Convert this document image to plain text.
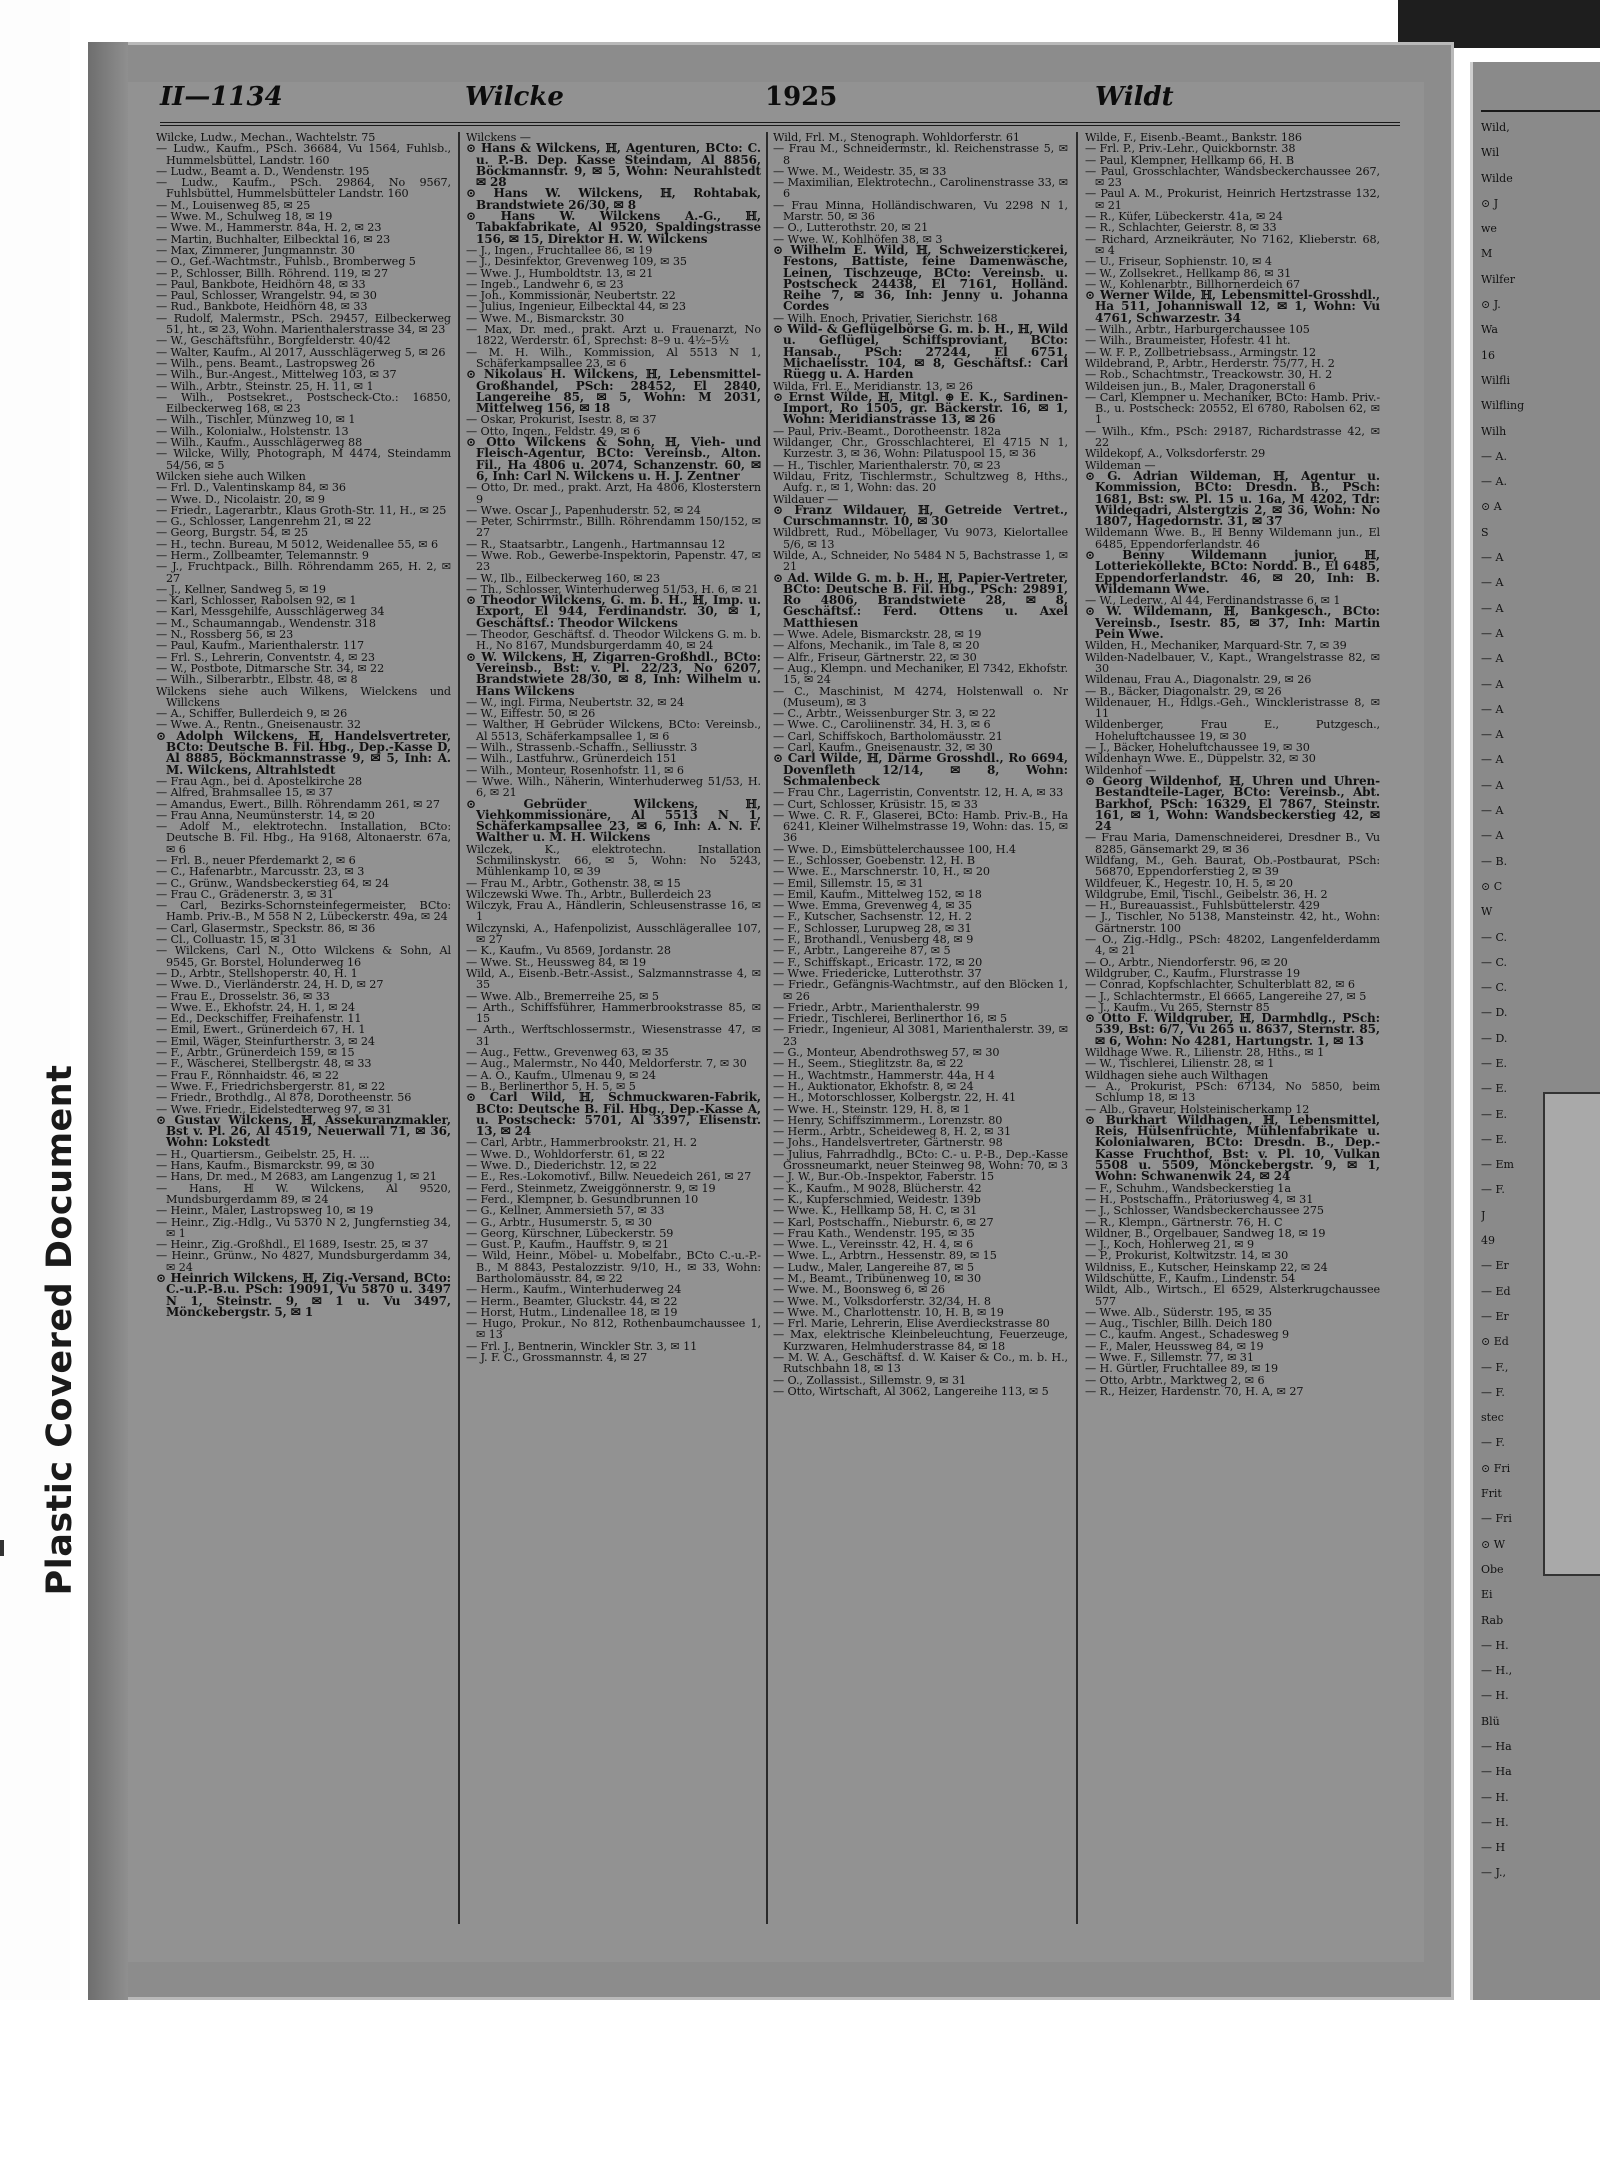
Plastic Covered Document
II—1134	Wilcke	1925	Wildt

Wilcke, Ludw., Mechan., Wachtelstr. 75

— Ludw., Kaufm., PSch. 36684, Vu 1564, Fuhlsb., Hummelsbüttel, Landstr. 160

— Ludw., Beamt a. D., Wendenstr. 195

— Ludw., Kaufm., PSch. 29864, No 9567, Fuhlsbüttel, Hummelsbütteler Landstr. 160

— M., Louisenweg 85, ✉ 25

— Wwe. M., Schulweg 18, ✉ 19

— Wwe. M., Hammerstr. 84a, H. 2, ✉ 23

— Martin, Buchhalter, Eilbecktal 16, ✉ 23

— Max, Zimmerer, Jungmannstr. 30

— O., Gef.-Wachtmstr., Fuhlsb., Bromberweg 5

— P., Schlosser, Billh. Röhrend. 119, ✉ 27

— Paul, Bankbote, Heidhörn 48, ✉ 33

— Paul, Schlosser, Wrangelstr. 94, ✉ 30

— Rud., Bankbote, Heidhörn 48, ✉ 33

— Rudolf, Malermstr., PSch. 29457, Eilbeckerweg 51, ht., ✉ 23, Wohn. Marienthalerstrasse 34, ✉ 23

— W., Geschäftsführ., Borgfelderstr. 40/42

— Walter, Kaufm., Al 2017, Ausschlägerweg 5, ✉ 26

— Wilh., pens. Beamt., Lastropsweg 26

— Wilh., Bur.-Angest., Mittelweg 103, ✉ 37

— Wilh., Arbtr., Steinstr. 25, H. 11, ✉ 1

— Wilh., Postsekret., Postscheck-Cto.: 16850, Eilbeckerweg 168, ✉ 23

— Wilh., Tischler, Münzweg 10, ✉ 1

— Wilh., Kolonialw., Holstenstr. 13

— Wilh., Kaufm., Ausschlägerweg 88

— Wilcke, Willy, Photograph, M 4474, Steindamm 54/56, ✉ 5

Wilcken siehe auch Wilken

— Frl. D., Valentinskamp 84, ✉ 36

— Wwe. D., Nicolaistr. 20, ✉ 9

— Friedr., Lagerarbtr., Klaus Groth-Str. 11, H., ✉ 25

— G., Schlosser, Langenrehm 21, ✉ 22

— Georg, Burgstr. 54, ✉ 25

— H., techn. Bureau, M 5012, Weidenallee 55, ✉ 6

— Herm., Zollbeamter, Telemannstr. 9

— J., Fruchtpack., Billh. Röhrendamm 265, H. 2, ✉ 27

— J., Kellner, Sandweg 5, ✉ 19

— Karl, Schlosser, Rabolsen 92, ✉ 1

— Karl, Messgehilfe, Ausschlägerweg 34

— M., Schaumanngab., Wendenstr. 318

— N., Rossberg 56, ✉ 23

— Paul, Kaufm., Marienthalerstr. 117

— Frl. S., Lehrerin, Conventstr. 4, ✉ 23

— W., Postbote, Ditmarsche Str. 34, ✉ 22

— Wilh., Silberarbtr., Elbstr. 48, ✉ 8

Wilckens siehe auch Wilkens, Wielckens und Willckens

— A., Schiffer, Bullerdeich 9, ✉ 26

— Wwe. A., Rentn., Gneisenaustr. 32

⊙ Adolph Wilckens, ℍ, Handelsvertreter, BCto: Deutsche B. Fil. Hbg., Dep.-Kasse D, Al 8885, Böckmannstrasse 9, ✉ 5, Inh: A. M. Wilckens, Altrahlstedt

— Frau Agn., bei d. Apostelkirche 28

— Alfred, Brahmsallee 15, ✉ 37

— Amandus, Ewert., Billh. Röhrendamm 261, ✉ 27

— Frau Anna, Neumünsterstr. 14, ✉ 20

— Adolf M., elektrotechn. Installation, BCto: Deutsche B. Fil. Hbg., Ha 9168, Altonaerstr. 67a, ✉ 6

— Frl. B., neuer Pferdemarkt 2, ✉ 6

— C., Hafenarbtr., Marcusstr. 23, ✉ 3

— C., Grünw., Wandsbeckerstieg 64, ✉ 24

— Frau C., Grädenerstr. 3, ✉ 31

— Carl, Bezirks-Schornsteinfegermeister, BCto: Hamb. Priv.-B., M 558 N 2, Lübeckerstr. 49a, ✉ 24

— Carl, Glasermstr., Speckstr. 86, ✉ 36

— Cl., Colluastr. 15, ✉ 31

— Wilckens, Carl N., Otto Wilckens & Sohn, Al 9545, Gr. Borstel, Holunderweg 16

— D., Arbtr., Stellshoperstr. 40, H. 1

— Wwe. D., Vierländerstr. 24, H. D, ✉ 27

— Frau E., Drosselstr. 36, ✉ 33

— Wwe. E., Ekhofstr. 24, H. 1, ✉ 24

— Ed., Deckschiffer, Freihafenstr. 11

— Emil, Ewert., Grünerdeich 67, H. 1

— Emil, Wäger, Steinfurtherstr. 3, ✉ 24

— F., Arbtr., Grünerdeich 159, ✉ 15

— F., Wäscherei, Stellbergstr. 48, ✉ 33

— Frau F., Rönnhaidstr. 46, ✉ 22

— Wwe. F., Friedrichsbergerstr. 81, ✉ 22

— Friedr., Brothdlg., Al 878, Dorotheenstr. 56

— Wwe. Friedr., Eidelstedterweg 97, ✉ 31

⊙ Gustav Wilckens, ℍ, Assekuranzmakler, Bst v. Pl. 26, Al 4519, Neuerwall 71, ✉ 36, Wohn: Lokstedt

— H., Quartiersm., Geibelstr. 25, H. ...

— Hans, Kaufm., Bismarckstr. 99, ✉ 30

— Hans, Dr. med., M 2683, am Langenzug 1, ✉ 21

— Hans, ℍ W. Wilckens, Al 9520, Mundsburgerdamm 89, ✉ 24

— Heinr., Maler, Lastropsweg 10, ✉ 19

— Heinr., Zig.-Hdlg., Vu 5370 N 2, Jungfernstieg 34, ✉ 1

— Heinr., Zig.-Großhdl., El 1689, Isestr. 25, ✉ 37

— Heinr., Grünw., No 4827, Mundsburgerdamm 34, ✉ 24

⊙ Heinrich Wilckens, ℍ, Zig.-Versand, BCto: C.-u.P.-B.u. PSch: 19091, Vu 5870 u. 3497 N 1, Steinstr. 9, ✉ 1 u. Vu 3497, Mönckebergstr. 5, ✉ 1

Wilckens —

⊙ Hans & Wilckens, ℍ, Agenturen, BCto: C. u. P.-B. Dep. Kasse Steindam, Al 8856, Böckmannstr. 9, ✉ 5, Wohn: Neurahlstedt ✉ 28

⊙ Hans W. Wilckens, ℍ, Rohtabak, Brandstwiete 26/30, ✉ 8

⊙ Hans W. Wilckens A.-G., ℍ, Tabakfabrikate, Al 9520, Spaldingstrasse 156, ✉ 15, Direktor H. W. Wilckens

— J., Ingen., Fruchtallee 86, ✉ 19

— J., Desinfektor, Grevenweg 109, ✉ 35

— Wwe. J., Humboldtstr. 13, ✉ 21

— Ingeb., Landwehr 6, ✉ 23

— Joh., Kommissionär, Neubertstr. 22

— Julius, Ingenieur, Eilbecktal 44, ✉ 23

— Wwe. M., Bismarckstr. 30

— Max, Dr. med., prakt. Arzt u. Frauenarzt, No 1822, Werderstr. 61, Sprechst: 8–9 u. 4½–5½

— M. H. Wilh., Kommission, Al 5513 N 1, Schäferkampsallee 23, ✉ 6

⊙ Nikolaus H. Wilckens, ℍ, Lebensmittel-Großhandel, PSch: 28452, El 2840, Langereihe 85, ✉ 5, Wohn: M 2031, Mittelweg 156, ✉ 18

— Oskar, Prokurist, Isestr. 8, ✉ 37

— Otto, Ingen., Feldstr. 49, ✉ 6

⊙ Otto Wilckens & Sohn, ℍ, Vieh- und Fleisch-Agentur, BCto: Vereinsb., Alton. Fil., Ha 4806 u. 2074, Schanzenstr. 60, ✉ 6, Inh: Carl N. Wilckens u. H. J. Zentner

— Otto, Dr. med., prakt. Arzt, Ha 4806, Klosterstern 9

— Wwe. Oscar J., Papenhuderstr. 52, ✉ 24

— Peter, Schirrmstr., Billh. Röhrendamm 150/152, ✉ 27

— R., Staatsarbtr., Langenh., Hartmannsau 12

— Wwe. Rob., Gewerbe-Inspektorin, Papenstr. 47, ✉ 23

— W., Ilb., Eilbeckerweg 160, ✉ 23

— Th., Schlosser, Winterhuderweg 51/53, H. 6, ✉ 21

⊙ Theodor Wilckens, G. m. b. H., ℍ, Imp. u. Export, El 944, Ferdinandstr. 30, ✉ 1, Geschäftsf.: Theodor Wilckens

— Theodor, Geschäftsf. d. Theodor Wilckens G. m. b. H., No 8167, Mundsburgerdamm 40, ✉ 24

⊙ W. Wilckens, ℍ, Zigarren-Großhdl., BCto: Vereinsb., Bst: v. Pl. 22/23, No 6207, Brandstwiete 28/30, ✉ 8, Inh: Wilhelm u. Hans Wilckens

— W., ingl. Firma, Neubertstr. 32, ✉ 24

— W., Eiffestr. 50, ✉ 26

— Walther, ℍ Gebrüder Wilckens, BCto: Vereinsb., Al 5513, Schäferkampsallee 1, ✉ 6

— Wilh., Strassenb.-Schaffn., Selliusstr. 3

— Wilh., Lastfuhrw., Grünerdeich 151

— Wilh., Monteur, Rosenhofstr. 11, ✉ 6

— Wwe. Wilh., Näherin, Winterhuderweg 51/53, H. 6, ✉ 21

⊙ Gebrüder Wilckens, ℍ, Viehkommissionäre, Al 5513 N 1, Schäferkampsallee 23, ✉ 6, Inh: A. N. F. Walther u. M. H. Wilckens

Wilczek, K., elektrotechn. Installation Schmilinskystr. 66, ✉ 5, Wohn: No 5243, Mühlenkamp 10, ✉ 39

— Frau M., Arbtr., Gothenstr. 38, ✉ 15

Wilczewski Wwe. Th., Arbtr., Bullerdeich 23

Wilczyk, Frau A., Händlerin, Schleusenstrasse 16, ✉ 1

Wilczynski, A., Hafenpolizist, Ausschlägerallee 107, ✉ 27

— K., Kaufm., Vu 8569, Jordanstr. 28

— Wwe. St., Heussweg 84, ✉ 19

Wild, A., Eisenb.-Betr.-Assist., Salzmannstrasse 4, ✉ 35

— Wwe. Alb., Bremerreihe 25, ✉ 5

— Arth., Schiffsführer, Hammerbrookstrasse 85, ✉ 15

— Arth., Werftschlossermstr., Wiesenstrasse 47, ✉ 31

— Aug., Fettw., Grevenweg 63, ✉ 35

— Aug., Malermstr., No 440, Meldorferstr. 7, ✉ 30

— A. O., Kaufm., Ulmenau 9, ✉ 24

— B., Berlinerthor 5, H. 5, ✉ 5

⊙ Carl Wild, ℍ, Schmuckwaren-Fabrik, BCto: Deutsche B. Fil. Hbg., Dep.-Kasse A, u. Postscheck: 5701, Al 3397, Elisenstr. 13, ✉ 24

— Carl, Arbtr., Hammerbrookstr. 21, H. 2

— Wwe. D., Wohldorferstr. 61, ✉ 22

— Wwe. D., Diederichstr. 12, ✉ 22

— E., Res.-Lokomotivf., Billw. Neuedeich 261, ✉ 27

— Ferd., Steinmetz, Zweiggönnerstr. 9, ✉ 19

— Ferd., Klempner, b. Gesundbrunnen 10

— G., Kellner, Ammersieth 57, ✉ 33

— G., Arbtr., Husumerstr. 5, ✉ 30

— Georg, Kürschner, Lübeckerstr. 59

— Gust. P., Kaufm., Hauffstr. 9, ✉ 21

— Wild, Heinr., Möbel- u. Mobelfabr., BCto C.-u.-P.-B., M 8843, Pestalozzistr. 9/10, H., ✉ 33, Wohn: Bartholomäusstr. 84, ✉ 22

— Herm., Kaufm., Winterhuderweg 24

— Herm., Beamter, Gluckstr. 44, ✉ 22

— Horst, Hutm., Lindenallee 18, ✉ 19

— Hugo, Prokur., No 812, Rothenbaumchaussee 1, ✉ 13

— Frl. J., Bentnerin, Winckler Str. 3, ✉ 11

— J. F. C., Grossmannstr. 4, ✉ 27

Wild, Frl. M., Stenograph. Wohldorferstr. 61

— Frau M., Schneidermstr., kl. Reichenstrasse 5, ✉ 8

— Wwe. M., Weidestr. 35, ✉ 33

— Maximilian, Elektrotechn., Carolinenstrasse 33, ✉ 6

— Frau Minna, Holländischwaren, Vu 2298 N 1, Marstr. 50, ✉ 36

— O., Lutterothstr. 20, ✉ 21

— Wwe. W., Kohlhöfen 38, ✉ 3

⊙ Wilhelm E. Wild, ℍ, Schweizerstickerei, Festons, Battiste, feine Damenwäsche, Leinen, Tischzeuge, BCto: Vereinsb. u. Postscheck 24438, El 7161, Holländ. Reihe 7, ✉ 36, Inh: Jenny u. Johanna Cordes

— Wilh. Enoch, Privatier, Sierichstr. 168

⊙ Wild- & Geflügelbörse G. m. b. H., ℍ, Wild u. Geflügel, Schiffsproviant, BCto: Hansab., PSch: 27244, El 6751, Michaelisstr. 104, ✉ 8, Geschäftsf.: Carl Rüegg u. A. Harden

Wilda, Frl. E., Meridianstr. 13, ✉ 26

⊙ Ernst Wilde, ℍ, Mitgl. ⊕ E. K., Sardinen-Import, Ro 1505, gr. Bäckerstr. 16, ✉ 1, Wohn: Meridianstrasse 13, ✉ 26

— Paul, Priv.-Beamt., Dorotheenstr. 182a

Wildanger, Chr., Grosschlachterei, El 4715 N 1, Kurzestr. 3, ✉ 36, Wohn: Pilatuspool 15, ✉ 36

— H., Tischler, Marienthalerstr. 70, ✉ 23

Wildau, Fritz, Tischlermstr., Schultzweg 8, Hths., Aufg. r., ✉ 1, Wohn: das. 20

Wildauer —

⊙ Franz Wildauer, ℍ, Getreide Vertret., Curschmannstr. 10, ✉ 30

Wildbrett, Rud., Möbellager, Vu 9073, Kielortallee 5/6, ✉ 13

Wilde, A., Schneider, No 5484 N 5, Bachstrasse 1, ✉ 21

⊙ Ad. Wilde G. m. b. H., ℍ, Papier-Vertreter, BCto: Deutsche B. Fil. Hbg., PSch: 29891, Ro 4806, Brandstwiete 28, ✉ 8, Geschäftsf.: Ferd. Ottens u. Axel Matthiesen

— Wwe. Adele, Bismarckstr. 28, ✉ 19

— Alfons, Mechanik., im Tale 8, ✉ 20

— Alfr., Friseur, Gärtnerstr. 22, ✉ 30

— Aug., Klempn. und Mechaniker, El 7342, Ekhofstr. 15, ✉ 24

— C., Maschinist, M 4274, Holstenwall o. Nr (Museum), ✉ 3

— C., Arbtr., Weissenburger Str. 3, ✉ 22

— Wwe. C., Caroliinenstr. 34, H. 3, ✉ 6

— Carl, Schiffskoch, Bartholomäusstr. 21

— Carl, Kaufm., Gneisenaustr. 32, ✉ 30

⊙ Carl Wilde, ℍ, Därme Grosshdl., Ro 6694, Dovenfleth 12/14, ✉ 8, Wohn: Schmalenbeck

— Frau Chr., Lagerristin, Conventstr. 12, H. A, ✉ 33

— Curt, Schlosser, Krüsistr. 15, ✉ 33

— Wwe. C. R. F., Glaserei, BCto: Hamb. Priv.-B., Ha 6241, Kleiner Wilhelmstrasse 19, Wohn: das. 15, ✉ 36

— Wwe. D., Eimsbüttelerchaussee 100, H.4

— E., Schlosser, Goebenstr. 12, H. B

— Wwe. E., Marschnerstr. 10, H., ✉ 20

— Emil, Sillemstr. 15, ✉ 31

— Emil, Kaufm., Mittelweg 152, ✉ 18

— Wwe. Emma, Grevenweg 4, ✉ 35

— F., Kutscher, Sachsenstr. 12, H. 2

— F., Schlosser, Lurupweg 28, ✉ 31

— F., Brothandl., Venusberg 48, ✉ 9

— F., Arbtr., Langereihe 87, ✉ 5

— F., Schiffskapt., Ericastr. 172, ✉ 20

— Wwe. Friedericke, Lutterothstr. 37

— Friedr., Gefängnis-Wachtmstr., auf den Blöcken 1, ✉ 26

— Friedr., Arbtr., Marienthalerstr. 99

— Friedr., Tischlerei, Berlinerthor 16, ✉ 5

— Friedr., Ingenieur, Al 3081, Marienthalerstr. 39, ✉ 23

— G., Monteur, Abendrothsweg 57, ✉ 30

— H., Seem., Stieglitzstr. 8a, ✉ 22

— H., Wachtmstr., Hammerstr. 44a, H 4

— H., Auktionator, Ekhofstr. 8, ✉ 24

— H., Motorschlosser, Kolbergstr. 22, H. 41

— Wwe. H., Steinstr. 129, H. 8, ✉ 1

— Henry, Schiffszimmerm., Lorenzstr. 80

— Herm., Arbtr., Scheideweg 8, H. 2, ✉ 31

— Johs., Handelsvertreter, Gärtnerstr. 98

— Julius, Fahrradhdlg., BCto: C.- u. P.-B., Dep.-Kasse Grossneumarkt, neuer Steinweg 98, Wohn: 70, ✉ 3

— J. W., Bur.-Ob.-Inspektor, Faberstr. 15

— K., Kaufm., M 9028, Blücherstr. 42

— K., Kupferschmied, Weidestr. 139b

— Wwe. K., Hellkamp 58, H. C, ✉ 31

— Karl, Postschaffn., Nieburstr. 6, ✉ 27

— Frau Kath., Wendenstr. 195, ✉ 35

— Wwe. L., Vereinsstr. 42, H. 4, ✉ 6

— Wwe. L., Arbtrn., Hessenstr. 89, ✉ 15

— Ludw., Maler, Langereihe 87, ✉ 5

— M., Beamt., Tribünenweg 10, ✉ 30

— Wwe. M., Boonsweg 6, ✉ 26

— Wwe. M., Volksdorferstr. 32/34, H. 8

— Wwe. M., Charlottenstr. 10, H. B, ✉ 19

— Frl. Marie, Lehrerin, Elise Averdieckstrasse 80

— Max, elektrische Kleinbeleuchtung, Feuerzeuge, Kurzwaren, Helmhuderstrasse 84, ✉ 18

— M. W. A., Geschäftsf. d. W. Kaiser & Co., m. b. H., Rutschbahn 18, ✉ 13

— O., Zollassist., Sillemstr. 9, ✉ 31

— Otto, Wirtschaft, Al 3062, Langereihe 113, ✉ 5

Wilde, F., Eisenb.-Beamt., Bankstr. 186

— Frl. P., Priv.-Lehr., Quickbornstr. 38

— Paul, Klempner, Hellkamp 66, H. B

— Paul, Grosschlachter, Wandsbeckerchaussee 267, ✉ 23

— Paul A. M., Prokurist, Heinrich Hertzstrasse 132, ✉ 21

— R., Küfer, Lübeckerstr. 41a, ✉ 24

— R., Schlachter, Geierstr. 8, ✉ 33

— Richard, Arzneikräuter, No 7162, Klieberstr. 68, ✉ 4

— U., Friseur, Sophienstr. 10, ✉ 4

— W., Zollsekret., Hellkamp 86, ✉ 31

— W., Kohlenarbtr., Billhornerdeich 67

⊙ Werner Wilde, ℍ, Lebensmittel-Grosshdl., Ha 511, Johanniswall 12, ✉ 1, Wohn: Vu 4761, Schwarzestr. 34

— Wilh., Arbtr., Harburgerchaussee 105

— Wilh., Braumeister, Hofestr. 41 ht.

— W. F. P., Zollbetriebsass., Armingstr. 12

Wildebrand, P., Arbtr., Herderstr. 75/77, H. 2

— Rob., Schachtmstr., Treackowstr. 30, H. 2

Wildeisen jun., B., Maler, Dragonerstall 6

— Carl, Klempner u. Mechaniker, BCto: Hamb. Priv.-B., u. Postscheck: 20552, El 6780, Rabolsen 62, ✉ 1

— Wilh., Kfm., PSch: 29187, Richardstrasse 42, ✉ 22

Wildekopf, A., Volksdorferstr. 29

Wildeman —

⊙ G. Adrian Wildeman, ℍ, Agentur u. Kommission, BCto: Dresdn. B., PSch: 1681, Bst: sw. Pl. 15 u. 16a, M 4202, Tdr: Wildegadri, Alstergtzis 2, ✉ 36, Wohn: No 1807, Hagedornstr. 31, ✉ 37

Wildemann Wwe. B., ℍ Benny Wildemann jun., El 6485, Eppendorferlandstr. 46

⊙ Benny Wildemann junior, ℍ, Lotteriekollekte, BCto: Nordd. B., El 6485, Eppendorferlandstr. 46, ✉ 20, Inh: B. Wildemann Wwe.

— W., Lederw., Al 44, Ferdinandstrasse 6, ✉ 1

⊙ W. Wildemann, ℍ, Bankgesch., BCto: Vereinsb., Isestr. 85, ✉ 37, Inh: Martin Pein Wwe.

Wilden, H., Mechaniker, Marquard-Str. 7, ✉ 39

Wilden-Nadelbauer, V., Kapt., Wrangelstrasse 82, ✉ 30

Wildenau, Frau A., Diagonalstr. 29, ✉ 26

— B., Bäcker, Diagonalstr. 29, ✉ 26

Wildenauer, H., Hdlgs.-Geh., Winckleristrasse 8, ✉ 11

Wildenberger, Frau E., Putzgesch., Hoheluftchaussee 19, ✉ 30

— J., Bäcker, Hoheluftchaussee 19, ✉ 30

Wildenhayn Wwe. E., Düppelstr. 32, ✉ 30

Wildenhof —

⊙ Georg Wildenhof, ℍ, Uhren und Uhren-Bestandteile-Lager, BCto: Vereinsb., Abt. Barkhof, PSch: 16329, El 7867, Steinstr. 161, ✉ 1, Wohn: Wandsbeckerstieg 42, ✉ 24

— Frau Maria, Damenschneiderei, Dresdner B., Vu 8285, Gänsemarkt 29, ✉ 36

Wildfang, M., Geh. Baurat, Ob.-Postbaurat, PSch: 56870, Eppendorferstieg 2, ✉ 39

Wildfeuer, K., Hegestr. 10, H. 5, ✉ 20

Wildgrube, Emil, Tischl., Geibelstr. 36, H. 2

— H., Bureauassist., Fuhlsbüttelerstr. 429

— J., Tischler, No 5138, Mansteinstr. 42, ht., Wohn: Gärtnerstr. 100

— O., Zig.-Hdlg., PSch: 48202, Langenfelderdamm 4, ✉ 21

— O., Arbtr., Niendorferstr. 96, ✉ 20

Wildgruber, C., Kaufm., Flurstrasse 19

— Conrad, Kopfschlachter, Schulterblatt 82, ✉ 6

— J., Schlachtermstr., El 6665, Langereihe 27, ✉ 5

— J., Kaufm., Vu 265, Sternstr 85

⊙ Otto F. Wildgruber, ℍ, Darmhdlg., PSch: 539, Bst: 6/7, Vu 265 u. 8637, Sternstr. 85, ✉ 6, Wohn: No 4281, Hartungstr. 1, ✉ 13

Wildhage Wwe. R., Lilienstr. 28, Hths., ✉ 1

— W., Tischlerei, Lilienstr. 28, ✉ 1

Wildhagen siehe auch Wilthagen

— A., Prokurist, PSch: 67134, No 5850, beim Schlump 18, ✉ 13

— Alb., Graveur, Holsteinischerkamp 12

⊙ Burkhart Wildhagen, ℍ, Lebensmittel, Reis, Hülsenfrüchte, Mühlenfabrikate u. Kolonialwaren, BCto: Dresdn. B., Dep.-Kasse Fruchthof, Bst: v. Pl. 10, Vulkan 5508 u. 5509, Mönckebergstr. 9, ✉ 1, Wohn: Schwanenwik 24, ✉ 24

— F., Schuhm., Wandsbeckerstieg 1a

— H., Postschaffn., Prätoriusweg 4, ✉ 31

— J., Schlosser, Wandsbeckerchaussee 275

— R., Klempn., Gärtnerstr. 76, H. C

Wildner, B., Orgelbauer, Sandweg 18, ✉ 19

— J., Koch, Hohlerweg 21, ✉ 9

— P., Prokurist, Koltwitzstr. 14, ✉ 30

Wildniss, E., Kutscher, Heinskamp 22, ✉ 24

Wildschütte, F., Kaufm., Lindenstr. 54

Wildt, Alb., Wirtsch., El 6529, Alsterkrugchaussee 577

— Wwe. Alb., Süderstr. 195, ✉ 35

— Aug., Tischler, Billh. Deich 180

— C., kaufm. Angest., Schadesweg 9

— F., Maler, Heussweg 84, ✉ 19

— Wwe. F., Sillemstr. 77, ✉ 31

— H. Gürtler, Fruchtallee 89, ✉ 19

— Otto, Arbtr., Marktweg 2, ✉ 6

— R., Heizer, Hardenstr. 70, H. A, ✉ 27

Wild,
Wil
Wilde
⊙ J
we
M
Wilfer
⊙ J.
Wa
16
Wilfli
Wilfling
Wilh
— A.
— A.
⊙ A
S
— A
— A
— A
— A
— A
— A
— A
— A
— A
— A
— A
— A
— B.
⊙ C
W
— C.
— C.
— C.
— D.
— D.
— E.
— E.
— E.
— E.
— Em
— F.
J
49
— Er
— Ed
— Er
⊙ Ed
— F.,
— F.
stec
— F.
⊙ Fri
Frit
— Fri
⊙ W
Obe
Ei
Rab
— H.
— H.,
— H.
Blü
— Ha
— Ha
— H.
— H.
— H
— J.,
